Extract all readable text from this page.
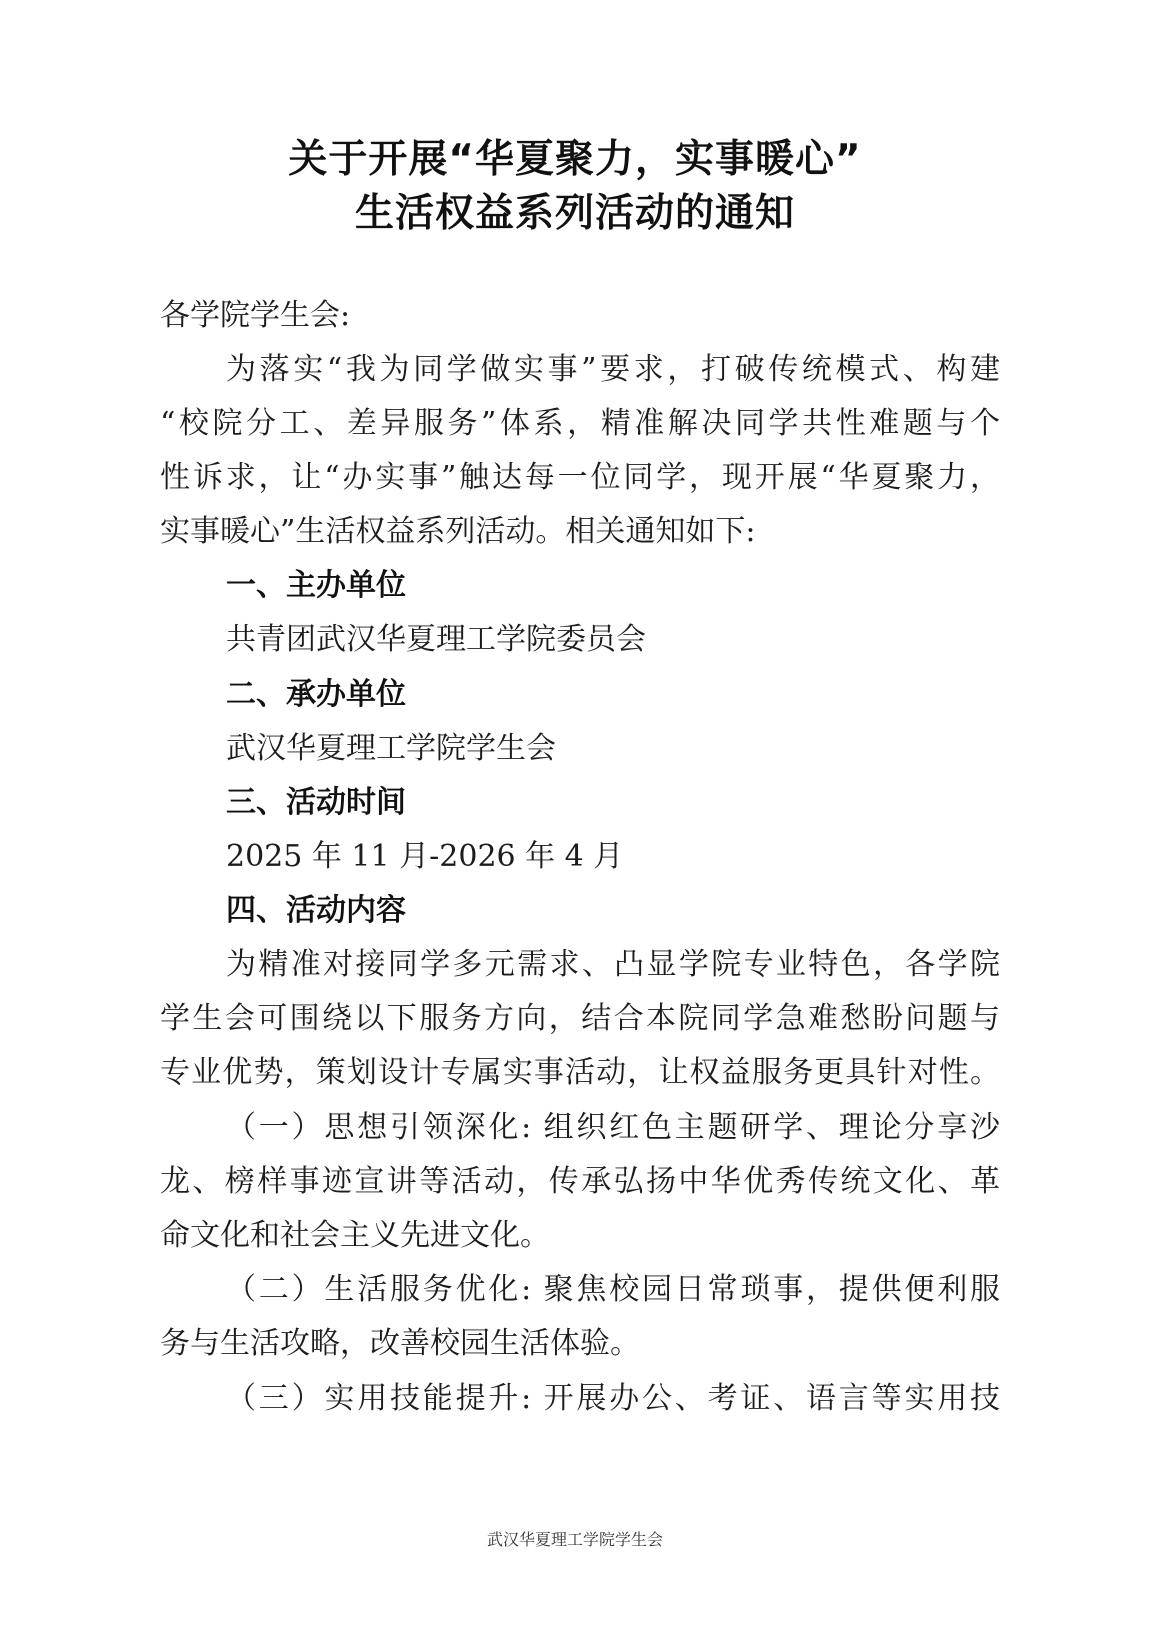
关于开展“华夏聚力，实事暖心”
生活权益系列活动的通知
各学院学生会:
为落实“我为同学做实事”要求，打破传统模式、构建
“校院分工、差异服务”体系，精准解决同学共性难题与个
性诉求，让“办实事”触达每一位同学，现开展“华夏聚力，
实事暖心”生活权益系列活动。相关通知如下:
一、主办单位
共青团武汉华夏理工学院委员会
二、承办单位
武汉华夏理工学院学生会
三、活动时间
2025 年 11 月-2026 年 4 月
四、活动内容
为精准对接同学多元需求、凸显学院专业特色，各学院
学生会可围绕以下服务方向，结合本院同学急难愁盼问题与
专业优势，策划设计专属实事活动，让权益服务更具针对性。
（一）思想引领深化: 组织红色主题研学、理论分享沙
龙、榜样事迹宣讲等活动，传承弘扬中华优秀传统文化、革
命文化和社会主义先进文化。
（二）生活服务优化: 聚焦校园日常琐事，提供便利服
务与生活攻略，改善校园生活体验。
（三）实用技能提升: 开展办公、考证、语言等实用技
武汉华夏理工学院学生会
